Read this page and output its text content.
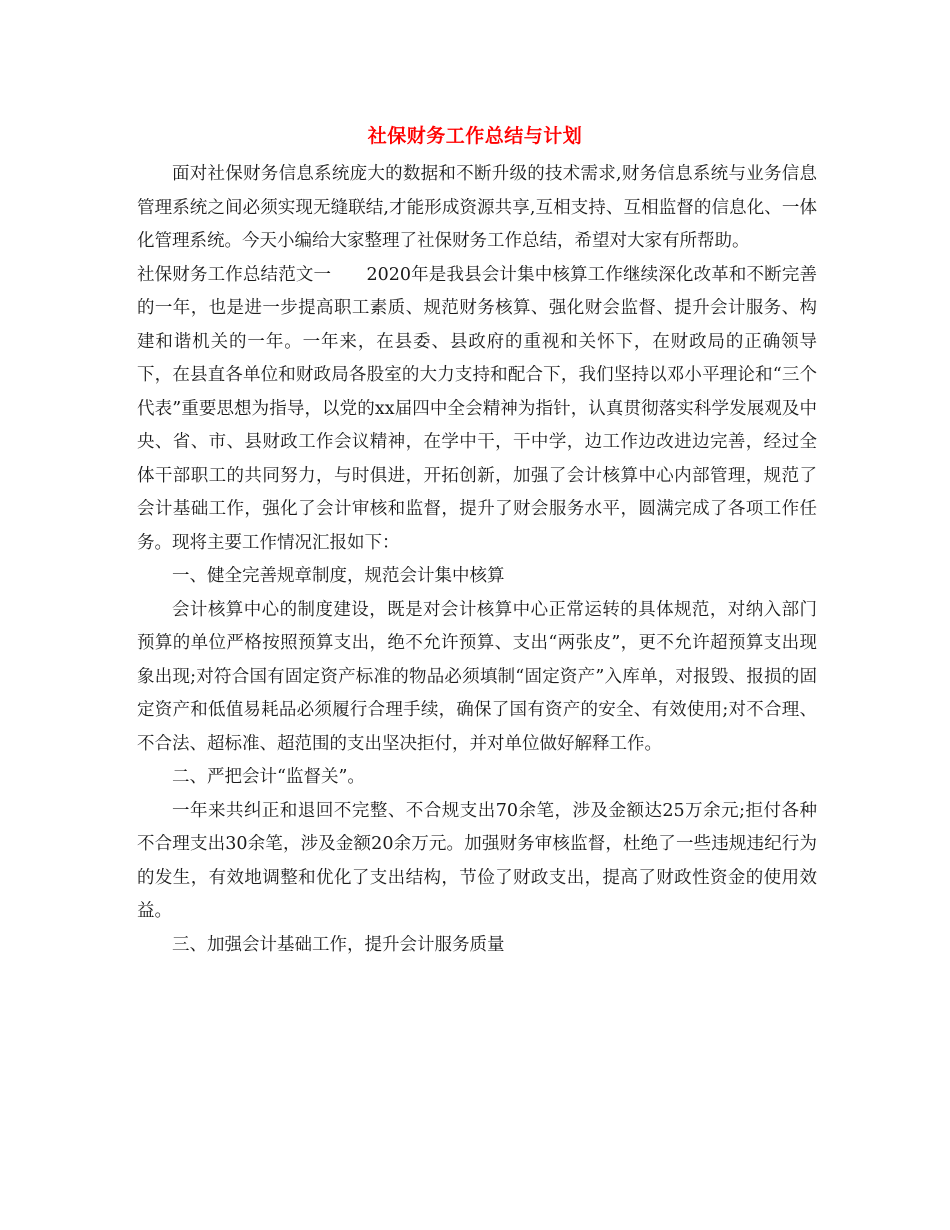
社保财务工作总结与计划

面对社保财务信息系统庞大的数据和不断升级的技术需求,财务信息系统与业务信息管理系统之间必须实现无缝联结,才能形成资源共享,互相支持、互相监督的信息化、一体化管理系统。今天小编给大家整理了社保财务工作总结，希望对大家有所帮助。

社保财务工作总结范文一　　2020年是我县会计集中核算工作继续深化改革和不断完善的一年，也是进一步提高职工素质、规范财务核算、强化财会监督、提升会计服务、构建和谐机关的一年。一年来，在县委、县政府的重视和关怀下，在财政局的正确领导下，在县直各单位和财政局各股室的大力支持和配合下，我们坚持以邓小平理论和“三个代表”重要思想为指导，以党的xx届四中全会精神为指针，认真贯彻落实科学发展观及中央、省、市、县财政工作会议精神，在学中干，干中学，边工作边改进边完善，经过全体干部职工的共同努力，与时俱进，开拓创新，加强了会计核算中心内部管理，规范了会计基础工作，强化了会计审核和监督，提升了财会服务水平，圆满完成了各项工作任务。现将主要工作情况汇报如下：

一、健全完善规章制度，规范会计集中核算

会计核算中心的制度建设，既是对会计核算中心正常运转的具体规范，对纳入部门预算的单位严格按照预算支出，绝不允许预算、支出“两张皮”，更不允许超预算支出现象出现;对符合国有固定资产标准的物品必须填制“固定资产”入库单，对报毁、报损的固定资产和低值易耗品必须履行合理手续，确保了国有资产的安全、有效使用;对不合理、不合法、超标准、超范围的支出坚决拒付，并对单位做好解释工作。

二、严把会计“监督关”。

一年来共纠正和退回不完整、不合规支出70余笔，涉及金额达25万余元;拒付各种不合理支出30余笔，涉及金额20余万元。加强财务审核监督，杜绝了一些违规违纪行为的发生，有效地调整和优化了支出结构，节俭了财政支出，提高了财政性资金的使用效益。

三、加强会计基础工作，提升会计服务质量
